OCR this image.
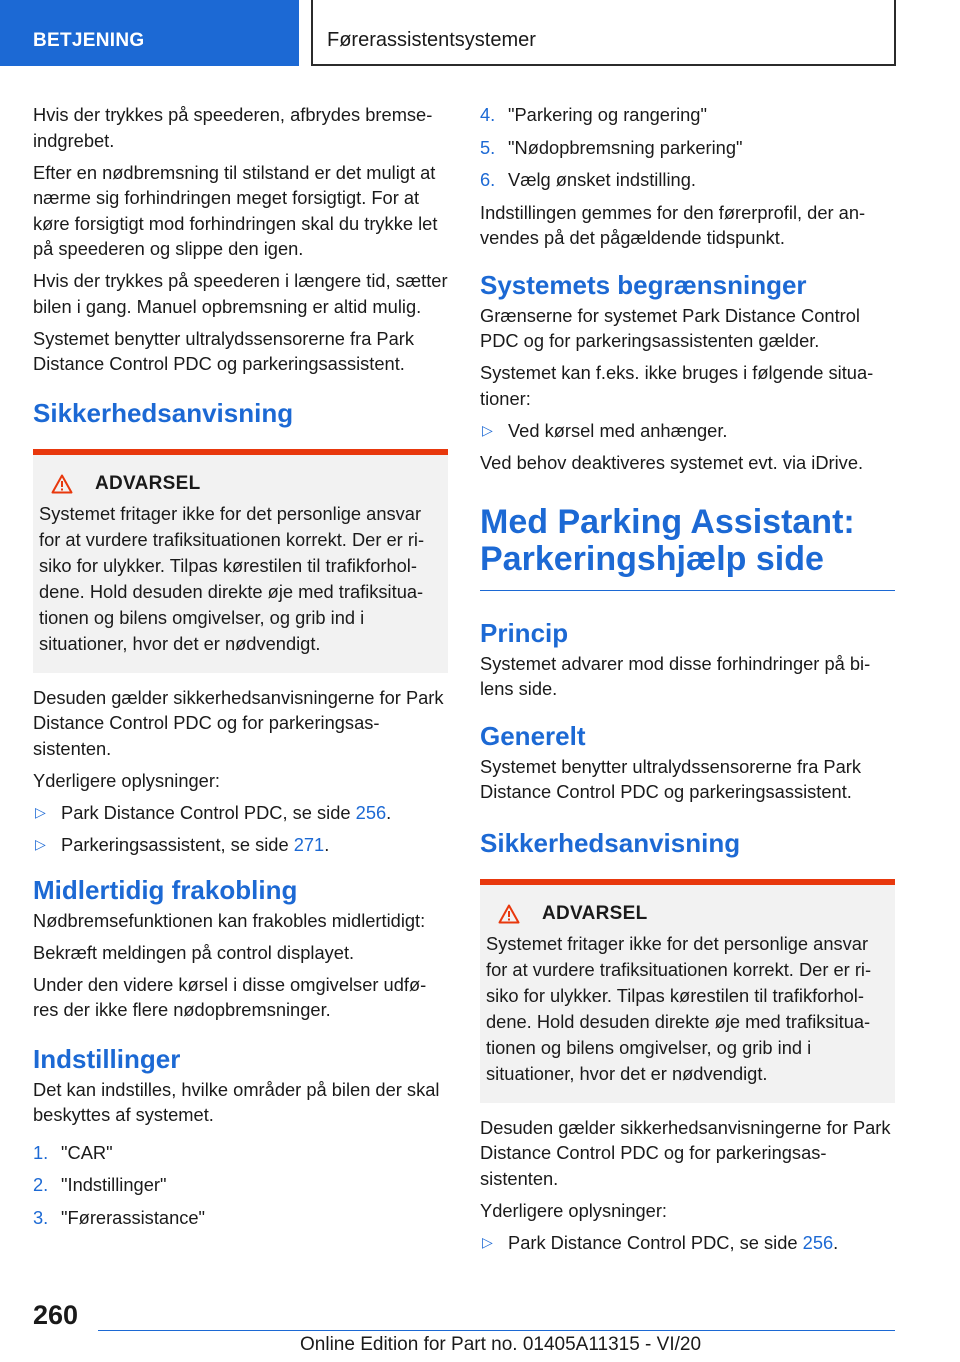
BETJENING	Førerassistentsystemer

Hvis der trykkes på speederen, afbrydes bremse-indgrebet.

Efter en nødbremsning til stilstand er det muligt at nærme sig forhindringen meget forsigtigt. For at køre forsigtigt mod forhindringen skal du trykke let på speederen og slippe den igen.

Hvis der trykkes på speederen i længere tid, sætter bilen i gang. Manuel opbremsning er altid mulig.

Systemet benytter ultralydssensorerne fra Park Distance Control PDC og parkeringsassistent.

Sikkerhedsanvisning
ADVARSEL

Systemet fritager ikke for det personlige ansvar for at vurdere trafiksituationen korrekt. Der er ri-siko for ulykker. Tilpas kørestilen til trafikforhol-dene. Hold desuden direkte øje med trafiksitua-tionen og bilens omgivelser, og grib ind i situationer, hvor det er nødvendigt.

Desuden gælder sikkerhedsanvisningerne for Park Distance Control PDC og for parkeringsas-sistenten.

Yderligere oplysninger:

▷ Park Distance Control PDC, se side 256.
▷ Parkeringsassistent, se side 271.
Midlertidig frakobling

Nødbremsefunktionen kan frakobles midlertidigt:

Bekræft meldingen på control displayet.

Under den videre kørsel i disse omgivelser udfø-res der ikke flere nødopbremsninger.

Indstillinger

Det kan indstilles, hvilke områder på bilen der skal beskyttes af systemet.

1. "CAR"
2. "Indstillinger"
3. "Førerassistance"
4. "Parkering og rangering"
5. "Nødopbremsning parkering"
6. Vælg ønsket indstilling.

Indstillingen gemmes for den førerprofil, der an-vendes på det pågældende tidspunkt.

Systemets begrænsninger

Grænserne for systemet Park Distance Control PDC og for parkeringsassistenten gælder.

Systemet kan f.eks. ikke bruges i følgende situa-tioner:

▷ Ved kørsel med anhænger.

Ved behov deaktiveres systemet evt. via iDrive.

Med Parking Assistant:
Parkeringshjælp side
Princip

Systemet advarer mod disse forhindringer på bi-lens side.

Generelt

Systemet benytter ultralydssensorerne fra Park Distance Control PDC og parkeringsassistent.

Sikkerhedsanvisning
ADVARSEL

Systemet fritager ikke for det personlige ansvar for at vurdere trafiksituationen korrekt. Der er ri-siko for ulykker. Tilpas kørestilen til trafikforhol-dene. Hold desuden direkte øje med trafiksitua-tionen og bilens omgivelser, og grib ind i situationer, hvor det er nødvendigt.

Desuden gælder sikkerhedsanvisningerne for Park Distance Control PDC og for parkeringsas-sistenten.

Yderligere oplysninger:

▷ Park Distance Control PDC, se side 256.
260
Online Edition for Part no. 01405A11315 - VI/20
